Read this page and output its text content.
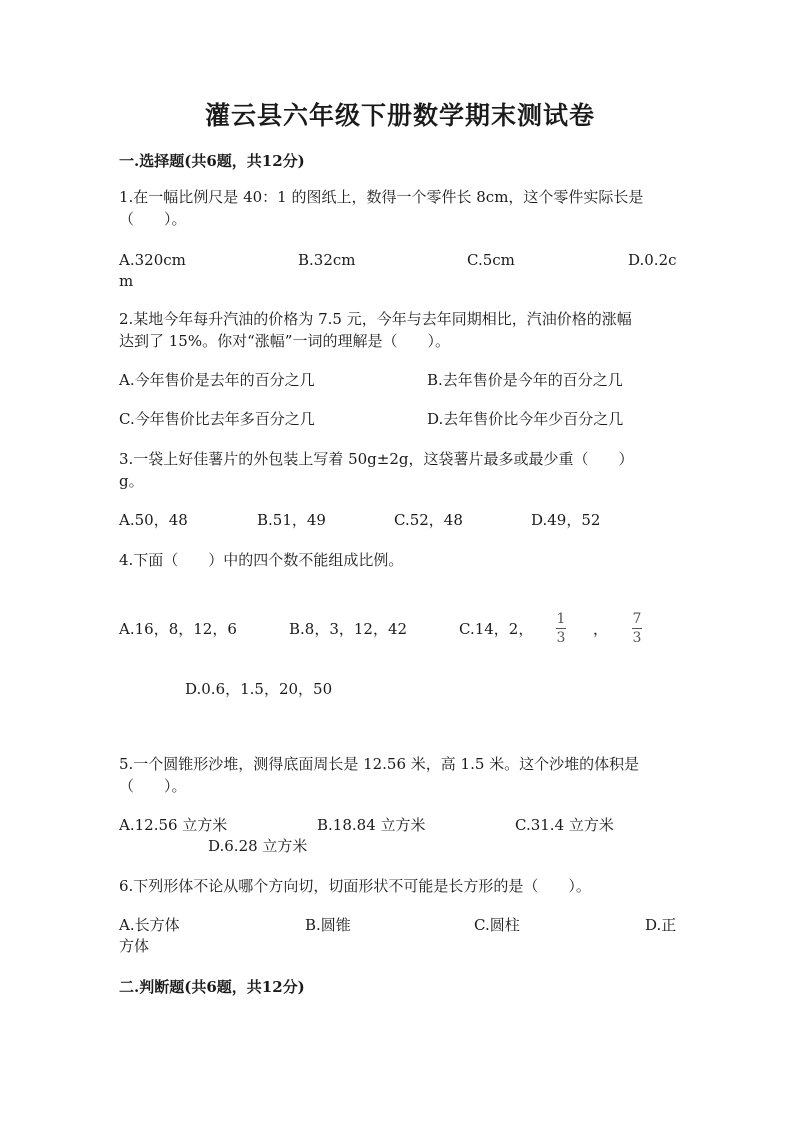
灌云县六年级下册数学期末测试卷
一.选择题(共6题，共12分)
1.在一幅比例尺是 40：1 的图纸上，数得一个零件长 8cm，这个零件实际长是
（　　）。
A.320cm	B.32cm	C.5cm	D.0.2c
m
2.某地今年每升汽油的价格为 7.5 元，今年与去年同期相比，汽油价格的涨幅
达到了 15%。你对“涨幅”一词的理解是（　　）。
A.今年售价是去年的百分之几	B.去年售价是今年的百分之几
C.今年售价比去年多百分之几	D.去年售价比今年少百分之几
3.一袋上好佳薯片的外包装上写着 50g±2g，这袋薯片最多或最少重（　　）
g。
A.50，48	B.51，49	C.52，48	D.49，52
4.下面（　　）中的四个数不能组成比例。
A.16，8，12，6	B.8，3，12，42	C.14，2，
1
3 ，
7
3
D.0.6，1.5，20，50
5.一个圆锥形沙堆，测得底面周长是 12.56 米，高 1.5 米。这个沙堆的体积是
（　　）。
A.12.56 立方米	B.18.84 立方米	C.31.4 立方米
D.6.28 立方米
6.下列形体不论从哪个方向切，切面形状不可能是长方形的是（　　）。
A.长方体	B.圆锥	C.圆柱	D.正
方体
二.判断题(共6题，共12分)
